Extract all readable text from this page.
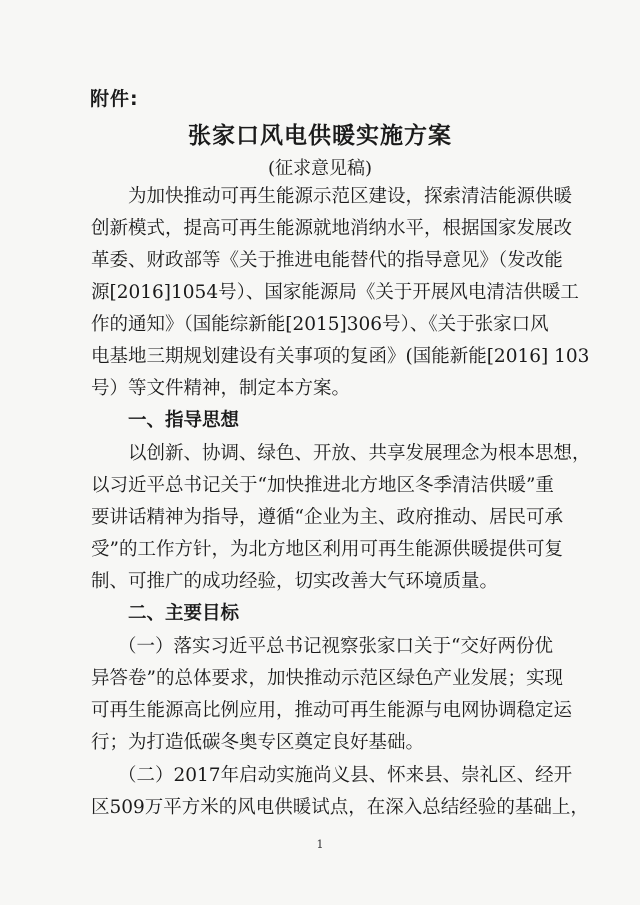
附件:
张家口风电供暖实施方案
(征求意见稿)
为加快推动可再生能源示范区建设，探索清洁能源供暖
创新模式，提高可再生能源就地消纳水平，根据国家发展改
革委、财政部等《关于推进电能替代的指导意见》（发改能
源[2016]1054号）、国家能源局《关于开展风电清洁供暖工
作的通知》（国能综新能[2015]306号）、《关于张家口风
电基地三期规划建设有关事项的复函》(国能新能[2016] 103
号）等文件精神，制定本方案。
一、指导思想
以创新、协调、绿色、开放、共享发展理念为根本思想，
以习近平总书记关于“加快推进北方地区冬季清洁供暖”重
要讲话精神为指导，遵循“企业为主、政府推动、居民可承
受”的工作方针，为北方地区利用可再生能源供暖提供可复
制、可推广的成功经验，切实改善大气环境质量。
二、主要目标
（一）落实习近平总书记视察张家口关于“交好两份优
异答卷”的总体要求，加快推动示范区绿色产业发展；实现
可再生能源高比例应用，推动可再生能源与电网协调稳定运
行；为打造低碳冬奥专区奠定良好基础。
（二）2017年启动实施尚义县、怀来县、崇礼区、经开
区509万平方米的风电供暖试点，在深入总结经验的基础上，
1
